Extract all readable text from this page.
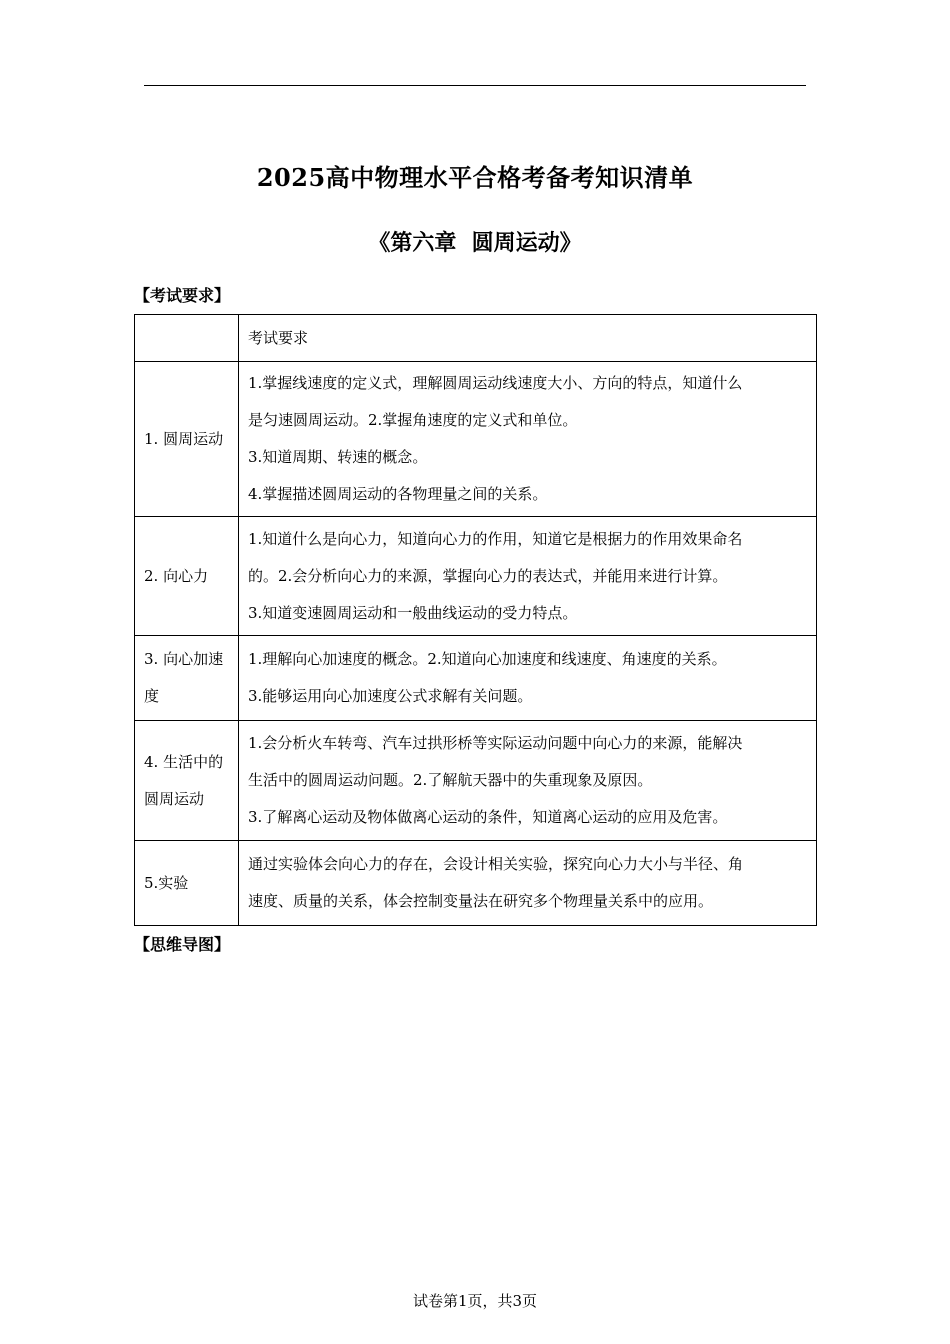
2025高中物理水平合格考备考知识清单
《第六章  圆周运动》
【考试要求】

	考试要求

1. 圆周运动	1.掌握线速度的定义式，理解圆周运动线速度大小、方向的特点，知道什么
是匀速圆周运动。2.掌握角速度的定义式和单位。
3.知道周期、转速的概念。
4.掌握描述圆周运动的各物理量之间的关系。

2. 向心力	1.知道什么是向心力，知道向心力的作用，知道它是根据力的作用效果命名
的。2.会分析向心力的来源，掌握向心力的表达式，并能用来进行计算。
3.知道变速圆周运动和一般曲线运动的受力特点。

3. 向心加速度	1.理解向心加速度的概念。2.知道向心加速度和线速度、角速度的关系。
3.能够运用向心加速度公式求解有关问题。

4. 生活中的圆周运动	1.会分析火车转弯、汽车过拱形桥等实际运动问题中向心力的来源，能解决
生活中的圆周运动问题。2.了解航天器中的失重现象及原因。
3.了解离心运动及物体做离心运动的条件，知道离心运动的应用及危害。

5.实验	通过实验体会向心力的存在，会设计相关实验，探究向心力大小与半径、角
速度、质量的关系，体会控制变量法在研究多个物理量关系中的应用。
【思维导图】
试卷第1页，共3页
